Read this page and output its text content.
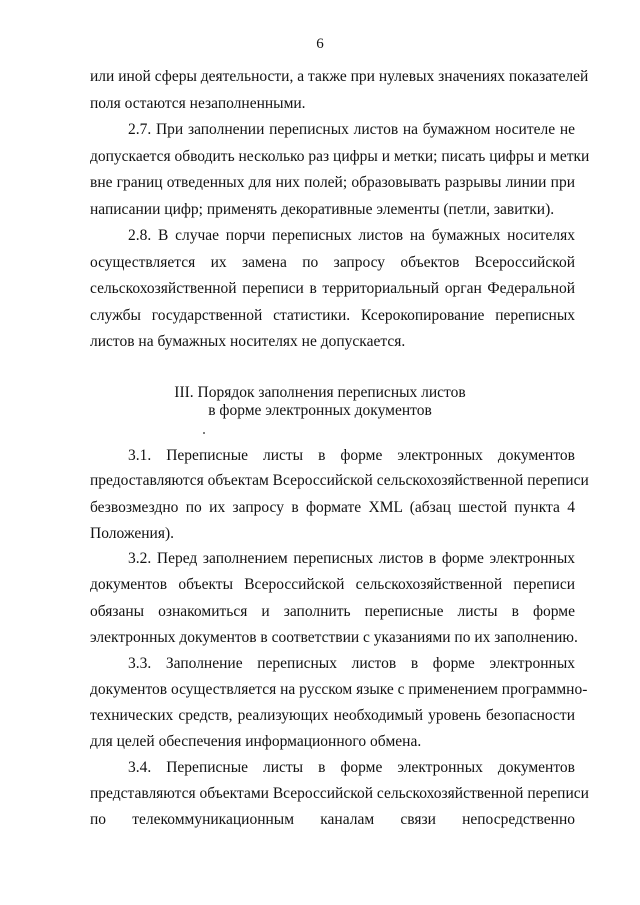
6
или иной сферы деятельности, а также при нулевых значениях показателей
поля остаются незаполненными.
2.7. При заполнении переписных листов на бумажном носителе не
допускается обводить несколько раз цифры и метки; писать цифры и метки
вне границ отведенных для них полей; образовывать разрывы линии при
написании цифр; применять декоративные элементы (петли, завитки).
2.8. В случае порчи переписных листов на бумажных носителях
осуществляется их замена по запросу объектов Всероссийской
сельскохозяйственной переписи в территориальный орган Федеральной
службы государственной статистики. Ксерокопирование переписных
листов на бумажных носителях не допускается.
III. Порядок заполнения переписных листов
в форме электронных документов
3.1. Переписные листы в форме электронных документов
предоставляются объектам Всероссийской сельскохозяйственной переписи
безвозмездно по их запросу в формате XML (абзац шестой пункта 4
Положения).
3.2. Перед заполнением переписных листов в форме электронных
документов объекты Всероссийской сельскохозяйственной переписи
обязаны ознакомиться и заполнить переписные листы в форме
электронных документов в соответствии с указаниями по их заполнению.
3.3. Заполнение переписных листов в форме электронных
документов осуществляется на русском языке с применением программно-
технических средств, реализующих необходимый уровень безопасности
для целей обеспечения информационного обмена.
3.4. Переписные листы в форме электронных документов
представляются объектами Всероссийской сельскохозяйственной переписи
по телекоммуникационным каналам связи непосредственно
